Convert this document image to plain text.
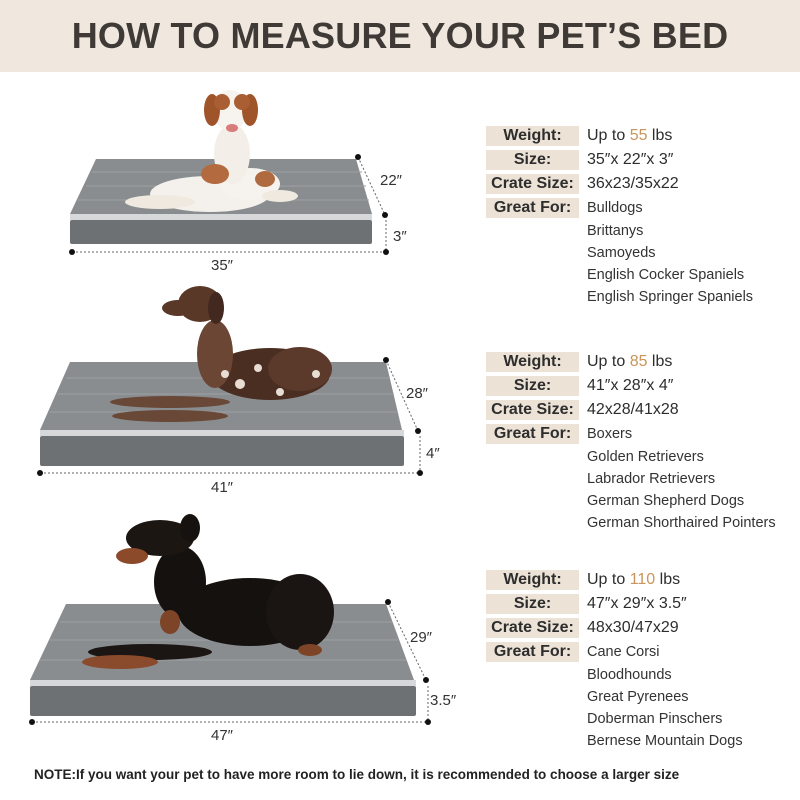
HOW TO MEASURE YOUR PET’S BED
35″
22″
3″
Weight:	Up to 55 lbs
Size:	35″x 22″x 3″
Crate Size: 36x23/35x22
Great For:	Bulldogs
Brittanys
Samoyeds
English Cocker Spaniels
English Springer Spaniels
41″
28″
4″
Weight:	Up to 85 lbs
Size:	41″x 28″x 4″
Crate Size: 42x28/41x28
Great For:	Boxers
Golden Retrievers
Labrador Retrievers
German Shepherd Dogs
German Shorthaired Pointers
47″
29″
3.5″
Weight:	Up to 110 lbs
Size:	47″x 29″x 3.5″
Crate Size: 48x30/47x29
Great For:	Cane Corsi
Bloodhounds
Great Pyrenees
Doberman Pinschers
Bernese Mountain Dogs
NOTE:If you want your pet to have more room to lie down, it is recommended to choose a larger size
